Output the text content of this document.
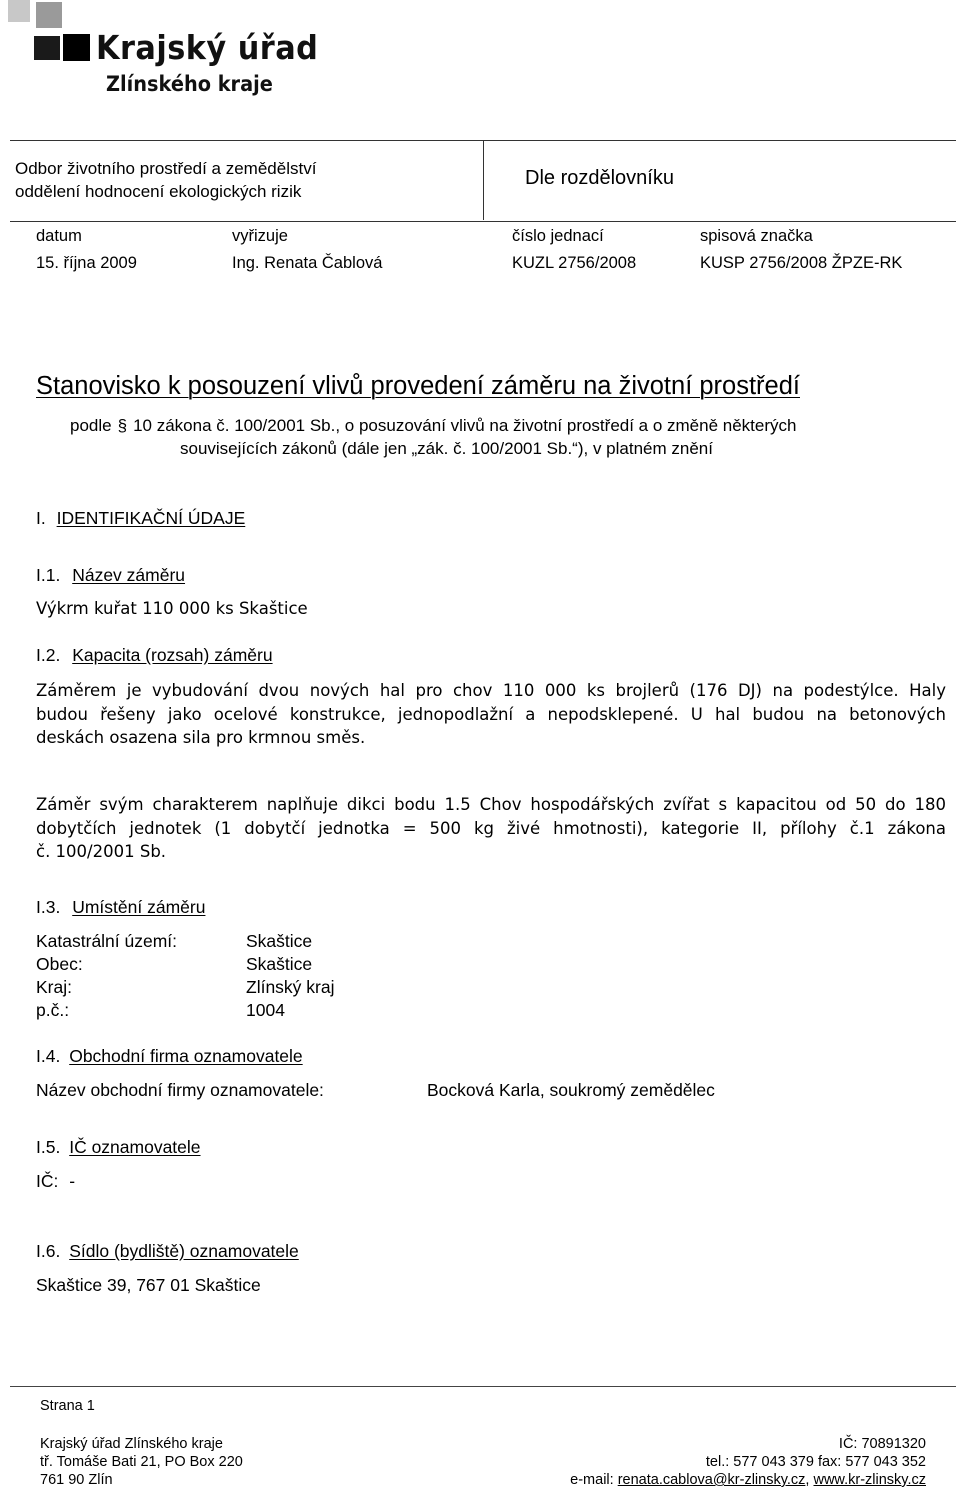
Krajský úřad
Zlínského kraje
Odbor životního prostředí a zemědělství
oddělení hodnocení ekologických rizik
Dle rozdělovníku
datum	vyřizuje	číslo jednací	spisová značka
15. října 2009	Ing. Renata Čablová	KUZL 2756/2008	KUSP 2756/2008 ŽPZE-RK
Stanovisko k posouzení vlivů provedení záměru na životní prostředí
podle § 10 zákona č. 100/2001 Sb., o posuzování vlivů na životní prostředí a o změně některých
souvisejících zákonů (dále jen „zák. č. 100/2001 Sb.“), v platném znění
I. IDENTIFIKAČNÍ ÚDAJE
I.1. Název záměru
Výkrm kuřat 110 000 ks Skaštice
I.2. Kapacita (rozsah) záměru
Záměrem je vybudování dvou nových hal pro chov 110 000 ks brojlerů (176 DJ) na podestýlce. Haly
budou řešeny jako ocelové konstrukce, jednopodlažní a nepodsklepené. U hal budou na betonových
deskách osazena sila pro krmnou směs.
Záměr svým charakterem naplňuje dikci bodu 1.5 Chov hospodářských zvířat s kapacitou od 50 do 180
dobytčích jednotek (1 dobytčí jednotka = 500 kg živé hmotnosti), kategorie II, přílohy č.1 zákona
č. 100/2001 Sb.
I.3. Umístění záměru
Katastrální území:	Skaštice
Obec:	Skaštice
Kraj:	Zlínský kraj
p.č.:	1004
I.4. Obchodní firma oznamovatele
Název obchodní firmy oznamovatele:	Bocková Karla, soukromý zemědělec
I.5. IČ oznamovatele
IČ: -
I.6. Sídlo (bydliště) oznamovatele
Skaštice 39, 767 01 Skaštice
Strana 1
Krajský úřad Zlínského kraje
tř. Tomáše Bati 21, PO Box 220
761 90 Zlín
IČ: 70891320
tel.: 577 043 379 fax: 577 043 352
e-mail: renata.cablova@kr-zlinsky.cz, www.kr-zlinsky.cz
